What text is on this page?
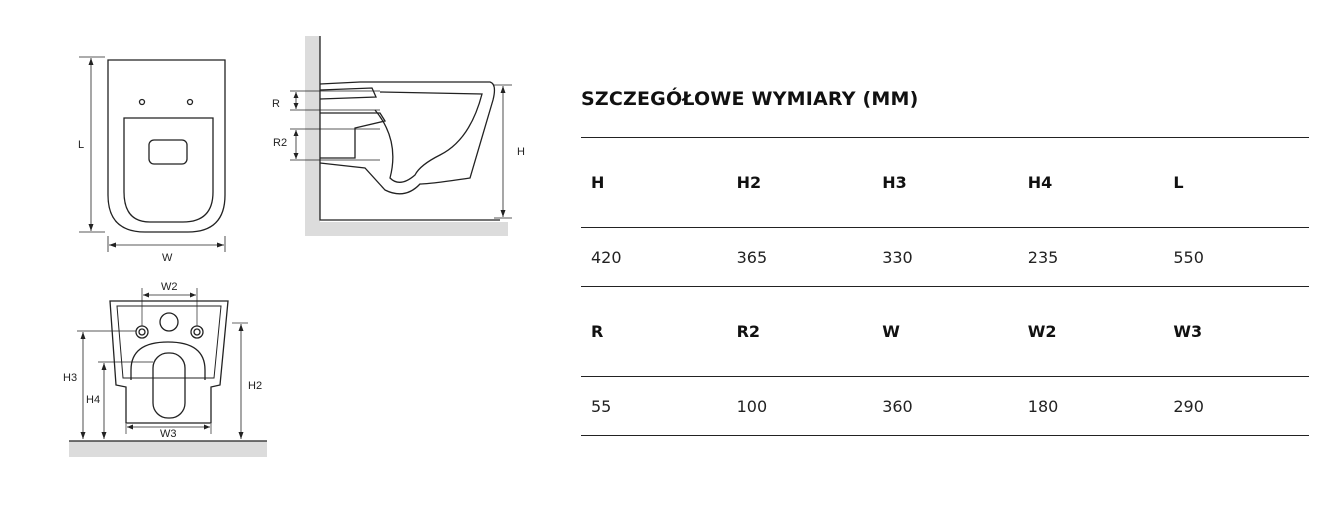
L
W
R
R2
H
W2
H3
H4
H2
W3
SZCZEGÓŁOWE WYMIARY (MM)
H	H2	H3	H4	L
420	365	330	235	550
R	R2	W	W2	W3
55	100	360	180	290
